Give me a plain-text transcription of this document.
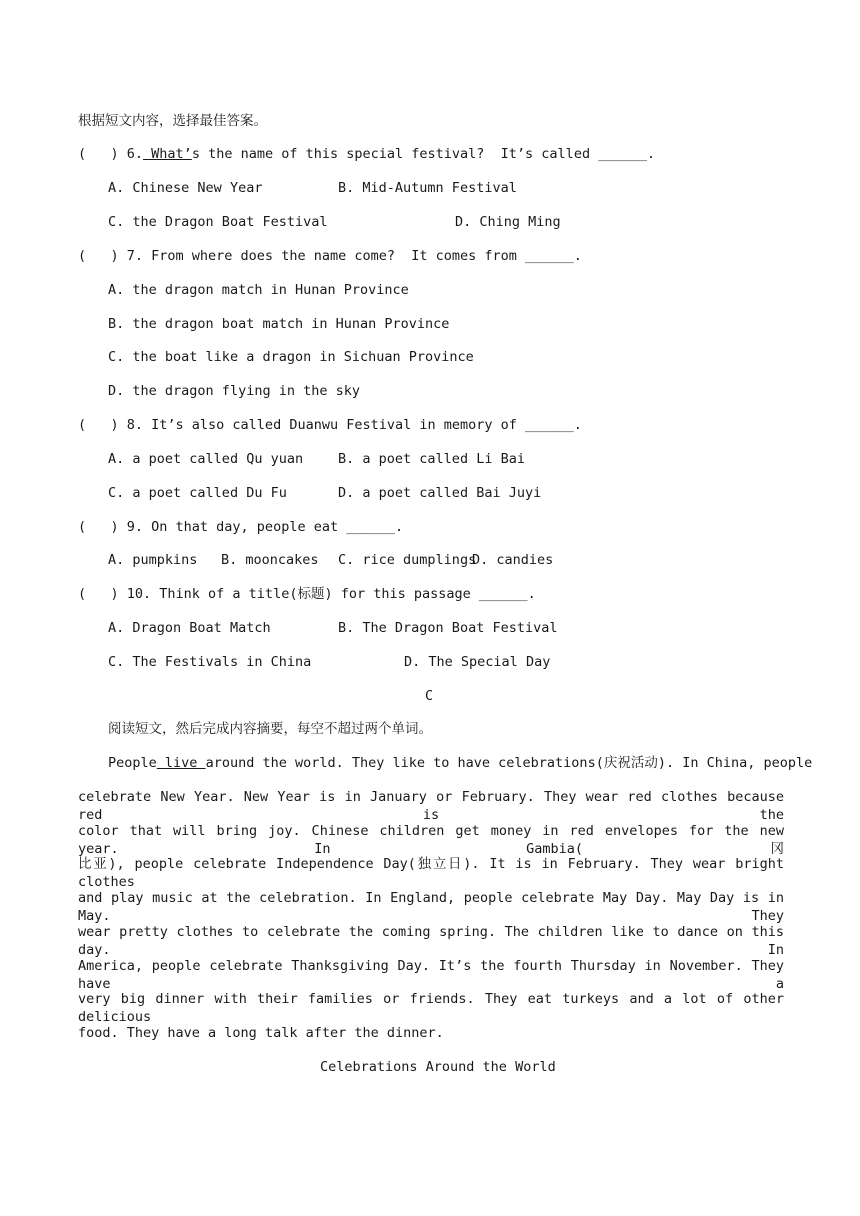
根据短文内容，选择最佳答案。
(   ) 6. What’s the name of this special festival?  It’s called ______.
A. Chinese New Year	B. Mid-Autumn Festival
C. the Dragon Boat Festival	D. Ching Ming
(   ) 7. From where does the name come?  It comes from ______.
A. the dragon match in Hunan Province
B. the dragon boat match in Hunan Province
C. the boat like a dragon in Sichuan Province
D. the dragon flying in the sky
(   ) 8. It’s also called Duanwu Festival in memory of ______.
A. a poet called Qu yuan	B. a poet called Li Bai
C. a poet called Du Fu	D. a poet called Bai Juyi
(   ) 9. On that day, people eat ______.
A. pumpkins B. mooncakes C. rice dumplings
D. candies
(   ) 10. Think of a title(标题) for this passage ______.
A. Dragon Boat Match	B. The Dragon Boat Festival
C. The Festivals in China	D. The Special Day
C
阅读短文，然后完成内容摘要，每空不超过两个单词。
People live around the world. They like to have celebrations(庆祝活动). In China, people
celebrate New Year. New Year is in January or February. They wear red clothes because red is the
color that will bring joy. Chinese children get money in red envelopes for the new year. In Gambia(冈
比亚), people celebrate Independence Day(独立日). It is in February. They wear bright clothes
and play music at the celebration. In England, people celebrate May Day. May Day is in May. They
wear pretty clothes to celebrate the coming spring. The children like to dance on this day. In
America, people celebrate Thanksgiving Day. It’s the fourth Thursday in November. They have a
very big dinner with their families or friends. They eat turkeys and a lot of other delicious
food. They have a long talk after the dinner.
Celebrations Around the World
